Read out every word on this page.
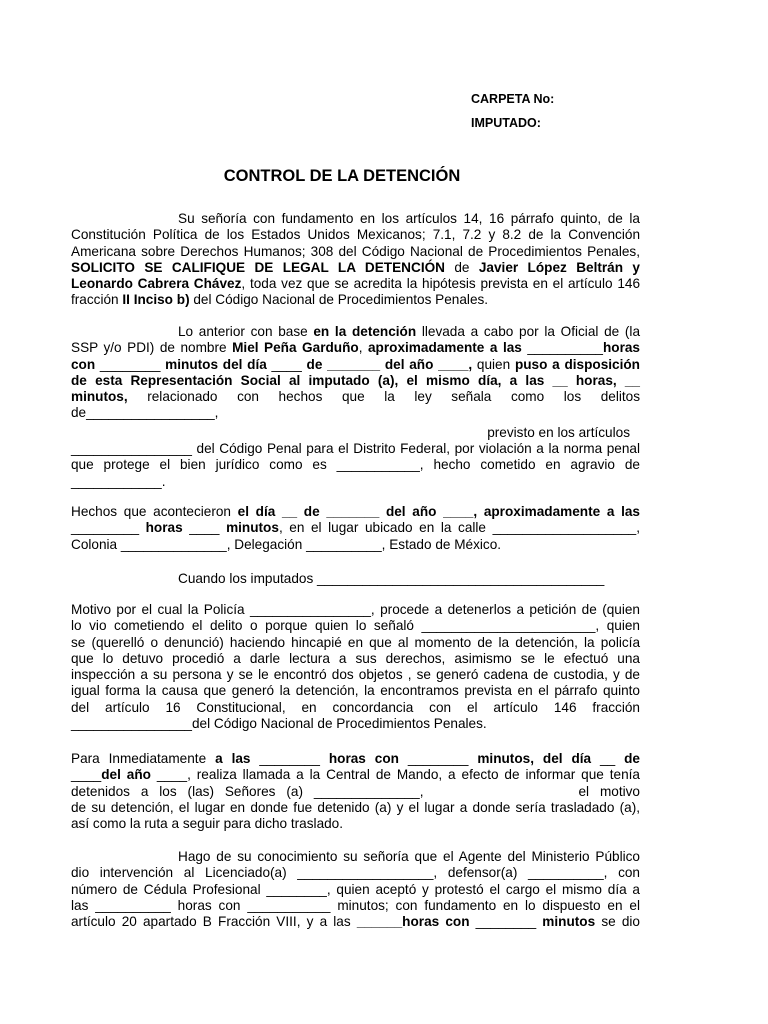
CARPETA No:
IMPUTADO:
CONTROL DE LA DETENCIÓN
Su señoría con fundamento en los artículos 14, 16 párrafo quinto, de la
Constitución Política de los Estados Unidos Mexicanos; 7.1, 7.2 y 8.2 de la Convención
Americana sobre Derechos Humanos; 308 del Código Nacional de Procedimientos Penales,
SOLICITO SE CALIFIQUE DE LEGAL LA DETENCIÓN de Javier López Beltrán y
Leonardo Cabrera Chávez, toda vez que se acredita la hipótesis prevista en el artículo 146
fracción II Inciso b) del Código Nacional de Procedimientos Penales.
Lo anterior con base en la detención llevada a cabo por la Oficial de (la
SSP y/o PDI) de nombre Miel Peña Garduño, aproximadamente a las __________horas
con ________ minutos del día ____ de _______ del año ____, quien puso a disposición
de esta Representación Social al imputado (a), el mismo día, a las __ horas, __
minutos, relacionado con hechos que la ley señala como los delitos
de_________________,
previsto en los artículos
________________ del Código Penal para el Distrito Federal, por violación a la norma penal
que protege el bien jurídico como es ___________, hecho cometido en agravio de
____________.
Hechos que acontecieron el día __ de _______ del año ____, aproximadamente a las
_________ horas ____ minutos, en el lugar ubicado en la calle ___________________,
Colonia ______________, Delegación __________, Estado de México.
Cuando los imputados ______________________________________
Motivo por el cual la Policía ________________, procede a detenerlos a petición de (quien
lo vio cometiendo el delito o porque quien lo señaló _______________________, quien
se (querelló o denunció) haciendo hincapié en que al momento de la detención, la policía
que lo detuvo procedió a darle lectura a sus derechos, asimismo se le efectuó una
inspección a su persona y se le encontró dos objetos , se generó cadena de custodia, y de
igual forma la causa que generó la detención, la encontramos prevista en el párrafo quinto
del artículo 16 Constitucional, en concordancia con el artículo 146 fracción
________________del Código Nacional de Procedimientos Penales.
Para Inmediatamente a las ________ horas con ________ minutos, del día __ de
____del año ____, realiza llamada a la Central de Mando, a efecto de informar que tenía
detenidos a los (las) Señores (a) ______________,	el motivo
de su detención, el lugar en donde fue detenido (a) y el lugar a donde sería trasladado (a),
así como la ruta a seguir para dicho traslado.
Hago de su conocimiento su señoría que el Agente del Ministerio Público
dio intervención al Licenciado(a) __________________, defensor(a) __________, con
número de Cédula Profesional ________, quien aceptó y protestó el cargo el mismo día a
las __________ horas con ___________ minutos; con fundamento en lo dispuesto en el
artículo 20 apartado B Fracción VIII, y a las ______horas con ________ minutos se dio
